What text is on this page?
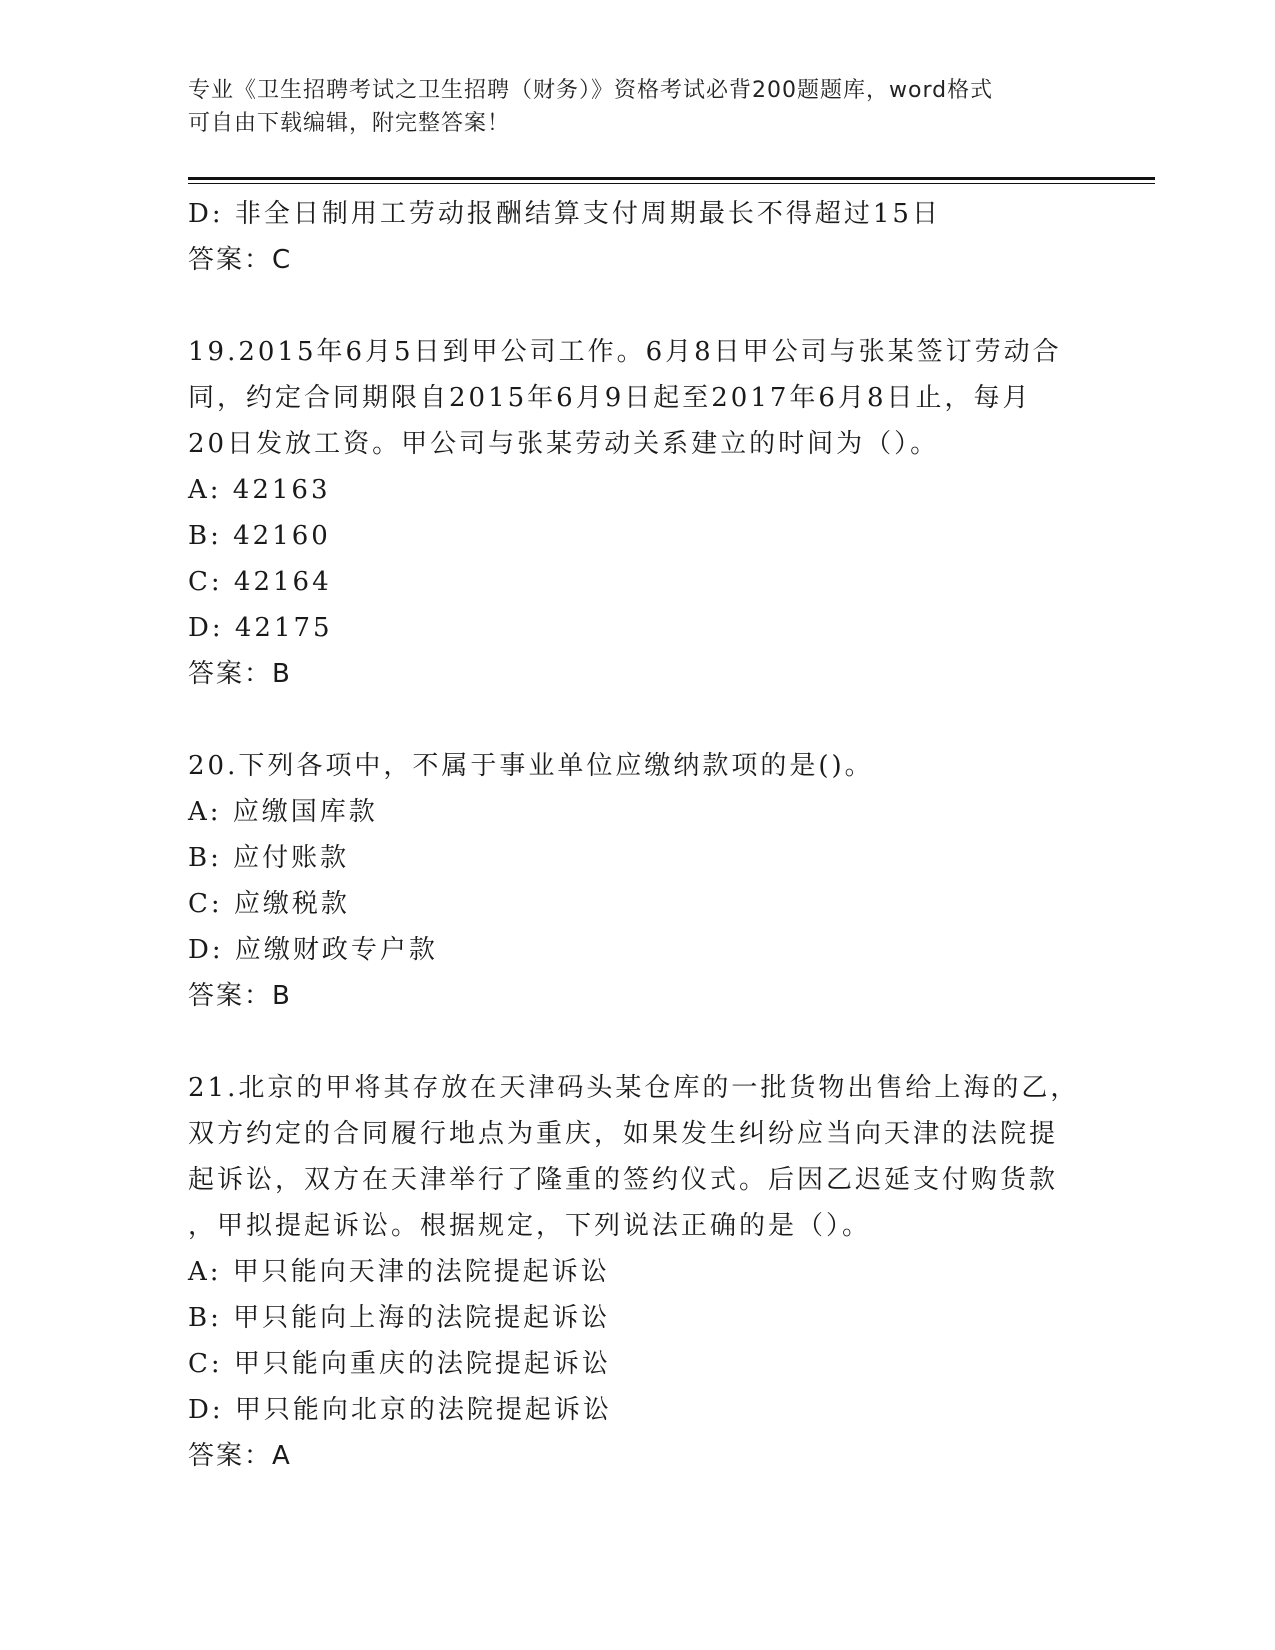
专业《卫生招聘考试之卫生招聘（财务）》资格考试必背200题题库，word格式
可自由下载编辑，附完整答案！
D: 非全日制用工劳动报酬结算支付周期最长不得超过15日
答案：C
19.2015年6月5日到甲公司工作。6月8日甲公司与张某签订劳动合
同，约定合同期限自2015年6月9日起至2017年6月8日止，每月
20日发放工资。甲公司与张某劳动关系建立的时间为（）。
A: 42163
B: 42160
C: 42164
D: 42175
答案：B
20.下列各项中，不属于事业单位应缴纳款项的是()。
A: 应缴国库款
B: 应付账款
C: 应缴税款
D: 应缴财政专户款
答案：B
21.北京的甲将其存放在天津码头某仓库的一批货物出售给上海的乙，
双方约定的合同履行地点为重庆，如果发生纠纷应当向天津的法院提
起诉讼，双方在天津举行了隆重的签约仪式。后因乙迟延支付购货款
，甲拟提起诉讼。根据规定，下列说法正确的是（）。
A: 甲只能向天津的法院提起诉讼
B: 甲只能向上海的法院提起诉讼
C: 甲只能向重庆的法院提起诉讼
D: 甲只能向北京的法院提起诉讼
答案：A
